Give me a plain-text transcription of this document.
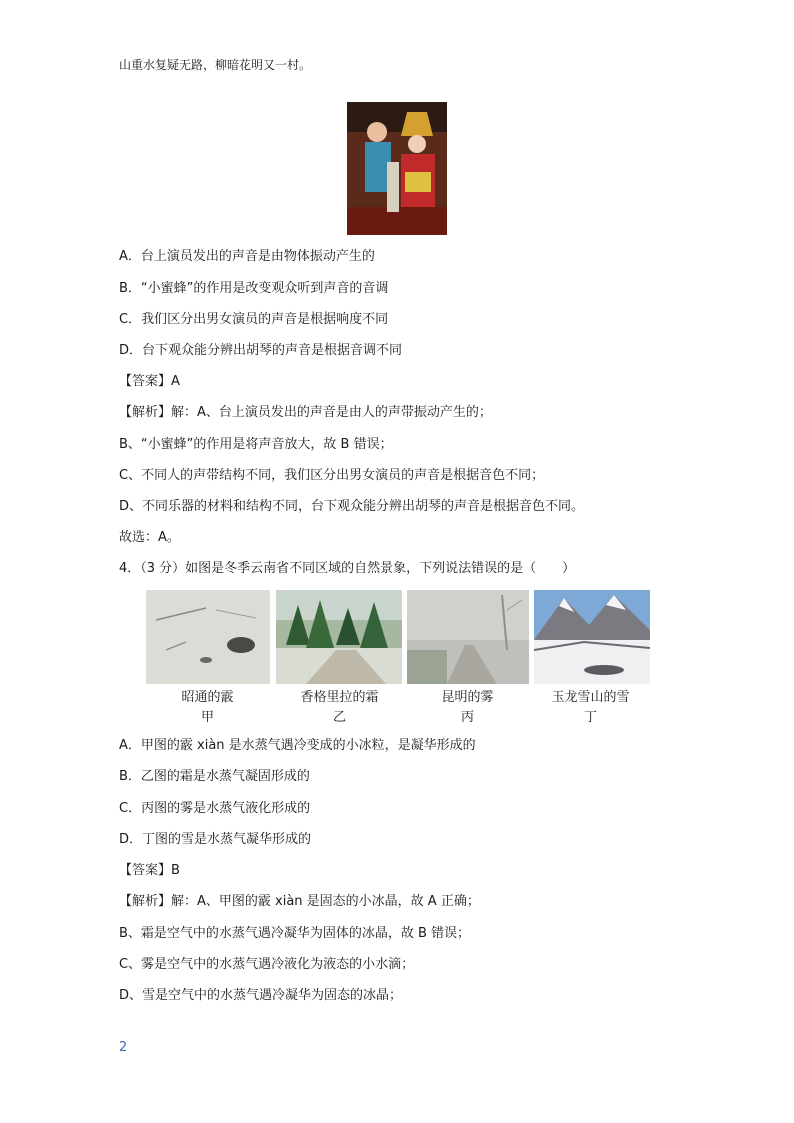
山重水复疑无路，柳暗花明又一村。
A．台上演员发出的声音是由物体振动产生的
B．“小蜜蜂”的作用是改变观众听到声音的音调
C．我们区分出男女演员的声音是根据响度不同
D．台下观众能分辨出胡琴的声音是根据音调不同
【答案】A
【解析】解：A、台上演员发出的声音是由人的声带振动产生的；
B、“小蜜蜂”的作用是将声音放大，故 B 错误；
C、不同人的声带结构不同，我们区分出男女演员的声音是根据音色不同；
D、不同乐器的材料和结构不同，台下观众能分辨出胡琴的声音是根据音色不同。
故选：A。
4．（3 分）如图是冬季云南省不同区域的自然景象，下列说法错误的是（　　）
昭通的霰
甲
香格里拉的霜
乙
昆明的雾
丙
玉龙雪山的雪
丁
A．甲图的霰 xiàn 是水蒸气遇冷变成的小冰粒，是凝华形成的
B．乙图的霜是水蒸气凝固形成的
C．丙图的雾是水蒸气液化形成的
D．丁图的雪是水蒸气凝华形成的
【答案】B
【解析】解：A、甲图的霰 xiàn 是固态的小冰晶，故 A 正确；
B、霜是空气中的水蒸气遇冷凝华为固体的冰晶，故 B 错误；
C、雾是空气中的水蒸气遇冷液化为液态的小水滴；
D、雪是空气中的水蒸气遇冷凝华为固态的冰晶；
2
